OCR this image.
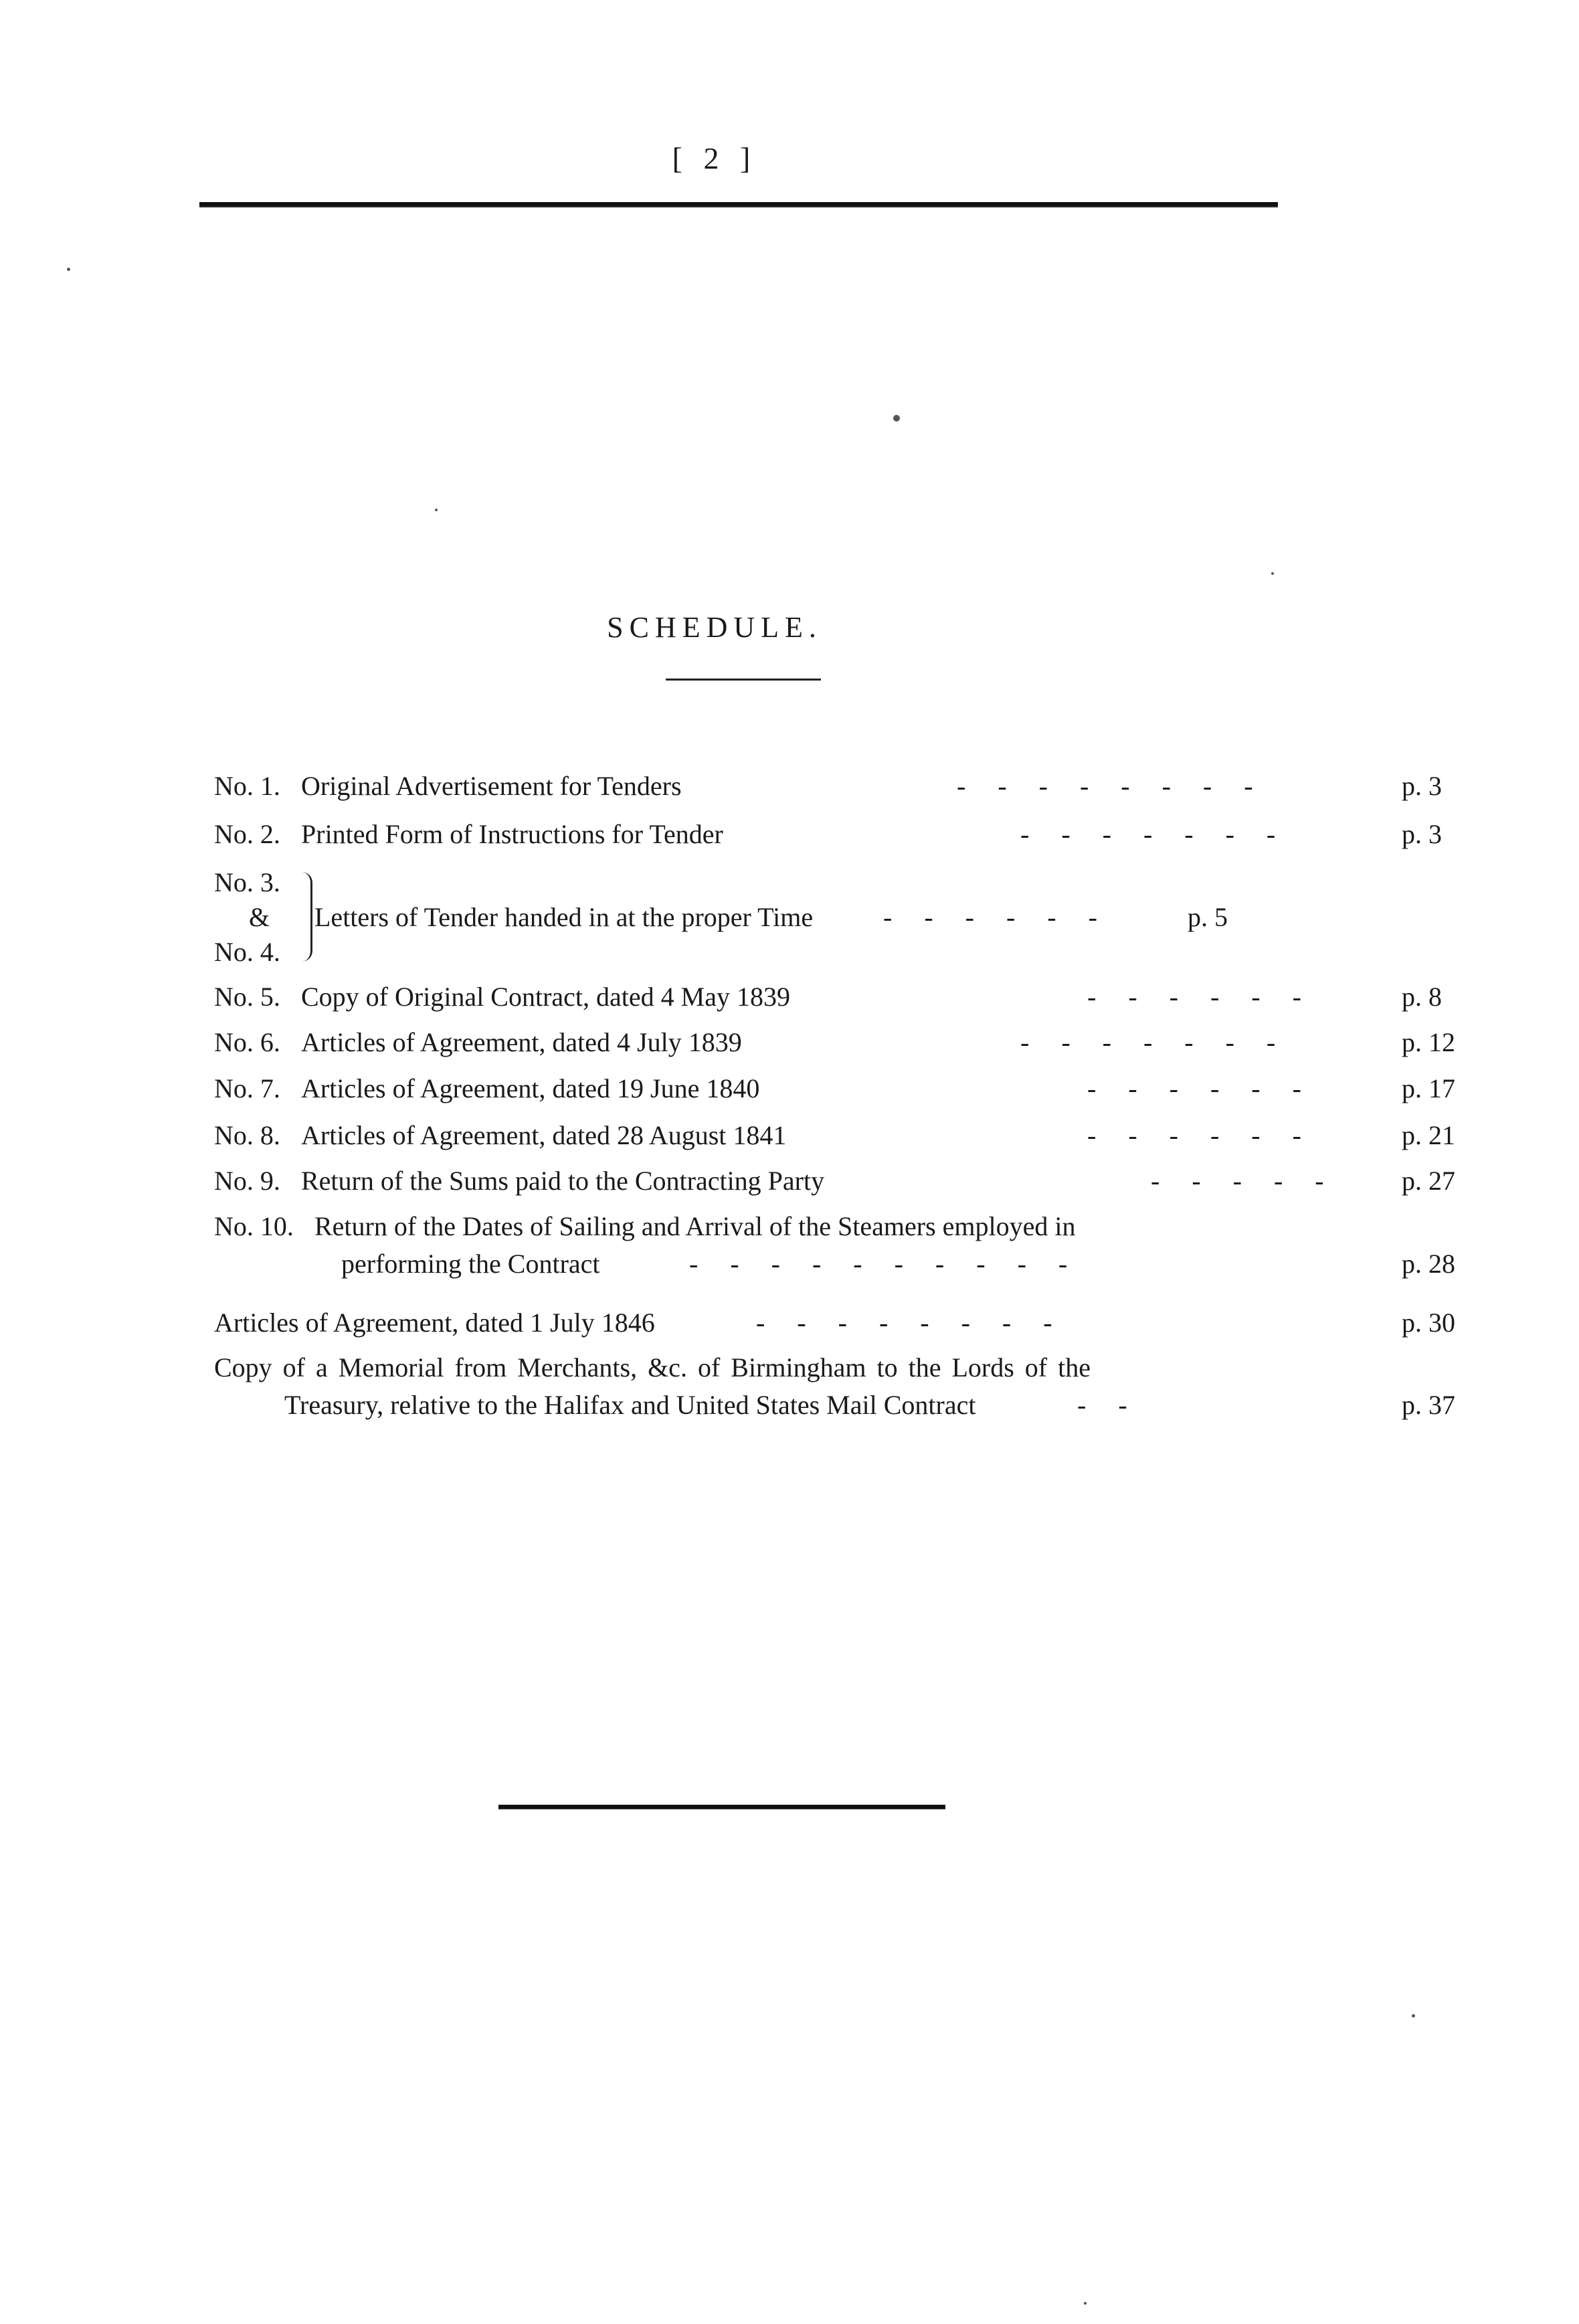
[ 2 ]
SCHEDULE.
No. 1. Original Advertisement for Tenders	- - - - - - - -	p. 3
No. 2. Printed Form of Instructions for Tender	- - - - - - -	p. 3
No. 3.
&
No. 4.
Letters of Tender handed in at the proper Time	- - - - - -	p. 5
No. 5. Copy of Original Contract, dated 4 May 1839	- - - - - -	p. 8
No. 6. Articles of Agreement, dated 4 July 1839	- - - - - - -	p. 12
No. 7. Articles of Agreement, dated 19 June 1840	- - - - - -	p. 17
No. 8. Articles of Agreement, dated 28 August 1841	- - - - - -	p. 21
No. 9. Return of the Sums paid to the Contracting Party	- - - - -	p. 27
No. 10. Return of the Dates of Sailing and Arrival of the Steamers employed in
performing the Contract	- - - - - - - - - -	p. 28
Articles of Agreement, dated 1 July 1846	- - - - - - - -	p. 30
Copy of a Memorial from Merchants, &c. of Birmingham to the Lords of the
Treasury, relative to the Halifax and United States Mail Contract	- -	p. 37
